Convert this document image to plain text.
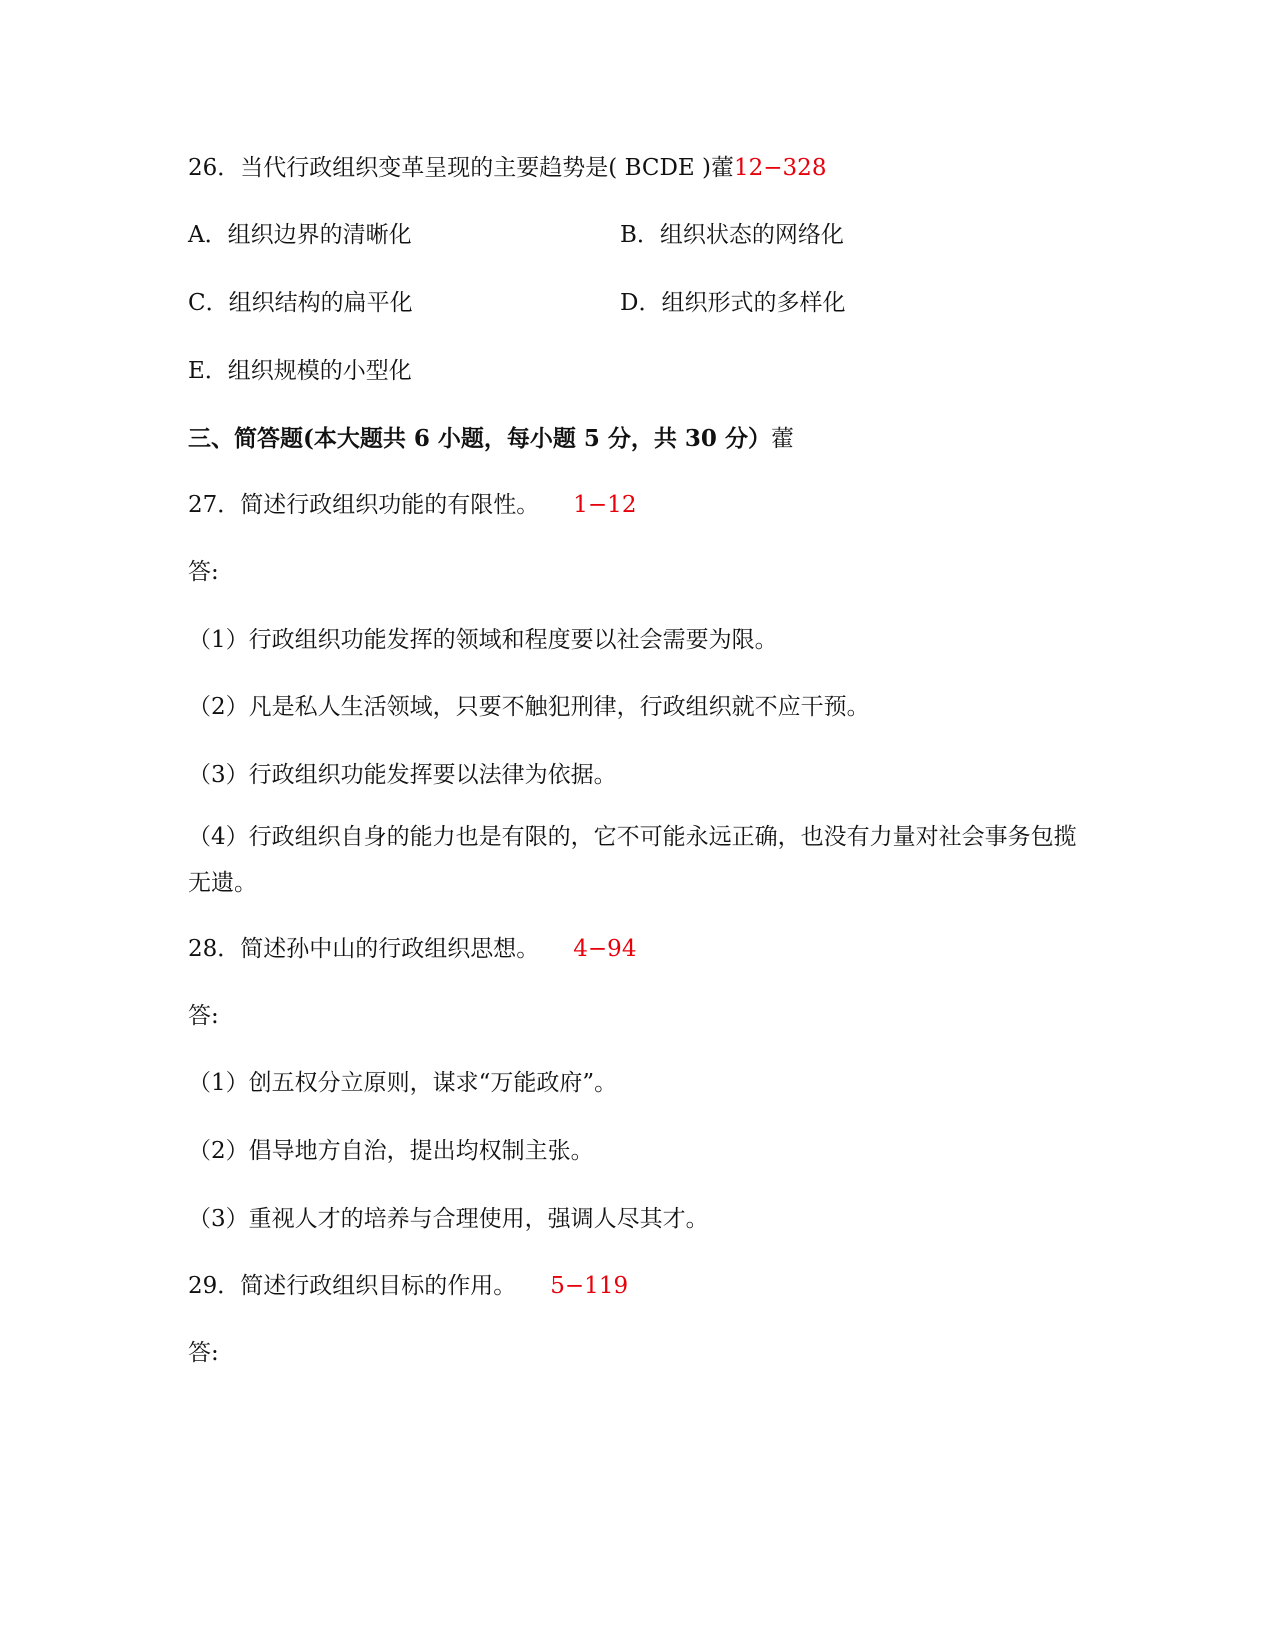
26．当代行政组织变革呈现的主要趋势是( BCDE )藿12−328
A．组织边界的清晰化	B．组织状态的网络化
C．组织结构的扁平化	D．组织形式的多样化
E．组织规模的小型化
三、简答题(本大题共 6 小题，每小题 5 分，共 30 分）藿
27．简述行政组织功能的有限性。 1−12
答:
（1）行政组织功能发挥的领域和程度要以社会需要为限。
（2）凡是私人生活领域，只要不触犯刑律，行政组织就不应干预。
（3）行政组织功能发挥要以法律为依据。
（4）行政组织自身的能力也是有限的，它不可能永远正确，也没有力量对社会事务包揽无遗。
28．简述孙中山的行政组织思想。 4−94
答:
（1）创五权分立原则，谋求“万能政府”。
（2）倡导地方自治，提出均权制主张。
（3）重视人才的培养与合理使用，强调人尽其才。
29．简述行政组织目标的作用。 5−119
答:
